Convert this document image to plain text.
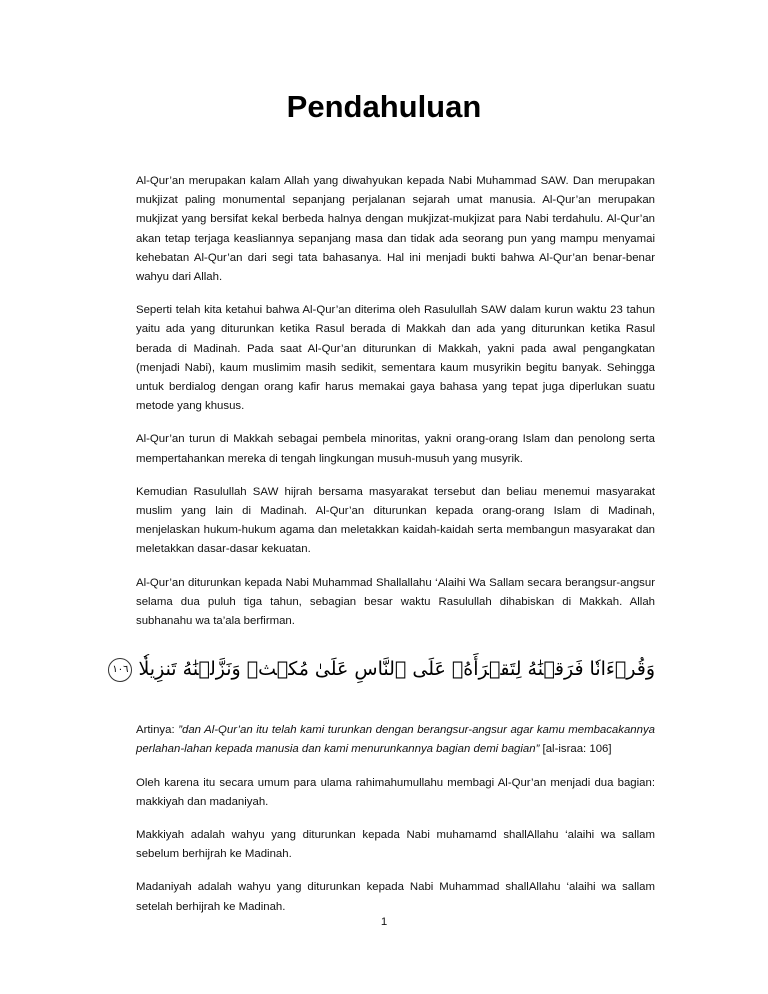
Pendahuluan

Al-Qur’an merupakan kalam Allah yang diwahyukan kepada Nabi Muhammad SAW. Dan merupakan mukjizat paling monumental sepanjang perjalanan sejarah umat manusia. Al-Qur’an merupakan mukjizat yang bersifat kekal berbeda halnya dengan mukjizat-mukjizat para Nabi terdahulu. Al-Qur’an akan tetap terjaga keasliannya sepanjang masa dan tidak ada seorang pun yang mampu menyamai kehebatan Al-Qur’an dari segi tata bahasanya. Hal ini menjadi bukti bahwa Al-Qur’an benar-benar wahyu dari Allah.

Seperti telah kita ketahui bahwa Al-Qur’an diterima oleh Rasulullah SAW dalam kurun waktu 23 tahun yaitu ada yang diturunkan ketika Rasul berada di Makkah dan ada yang diturunkan ketika Rasul berada di Madinah. Pada saat Al-Qur’an diturunkan di Makkah, yakni pada awal pengangkatan (menjadi Nabi), kaum muslimim masih sedikit, sementara kaum musyrikin begitu banyak. Sehingga untuk berdialog dengan orang kafir harus memakai gaya bahasa yang tepat juga diperlukan suatu metode yang khusus.

Al-Qur’an turun di Makkah sebagai pembela minoritas, yakni orang-orang Islam dan penolong serta mempertahankan mereka di tengah lingkungan musuh-musuh yang musyrik.

Kemudian Rasulullah SAW hijrah bersama masyarakat tersebut dan beliau menemui masyarakat muslim yang lain di Madinah. Al-Qur’an diturunkan kepada orang-orang Islam di Madinah, menjelaskan hukum-hukum agama dan meletakkan kaidah-kaidah serta membangun masyarakat dan meletakkan dasar-dasar kekuatan.

Al-Qur’an diturunkan kepada Nabi Muhammad Shallallahu ‘Alaihi Wa Sallam secara berangsur-angsur selama dua puluh tiga tahun, sebagian besar waktu Rasulullah dihabiskan di Makkah. Allah subhanahu wa ta’ala berfirman.

وَقُرۡءَانٗا فَرَقۡنَٰهُ لِتَقۡرَأَهُۥ عَلَى ٱلنَّاسِ عَلَىٰ مُكۡثٖ وَنَزَّلۡنَٰهُ تَنزِيلٗا ١٠٦

Artinya: ”dan Al-Qur’an itu telah kami turunkan dengan berangsur-angsur agar kamu membacakannya perlahan-lahan kepada manusia dan kami menurunkannya bagian demi bagian” [al-israa: 106]

Oleh karena itu secara umum para ulama rahimahumullahu membagi Al-Qur’an menjadi dua bagian: makkiyah dan madaniyah.

Makkiyah adalah wahyu yang diturunkan kepada Nabi muhamamd shallAllahu ‘alaihi wa sallam sebelum berhijrah ke Madinah.

Madaniyah adalah wahyu yang diturunkan kepada Nabi Muhammad shallAllahu ‘alaihi wa sallam setelah berhijrah ke Madinah.

1
